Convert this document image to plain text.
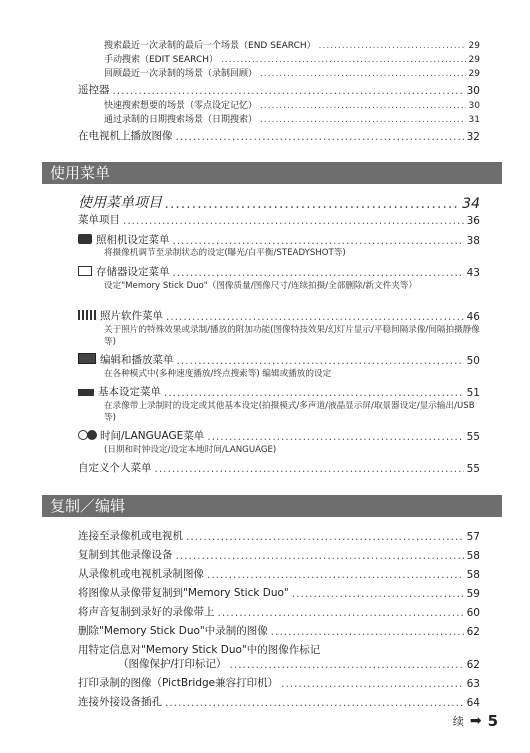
搜索最近一次录制的最后一个场景（END SEARCH） .....	29
手动搜索（EDIT SEARCH） .....	29
回顾最近一次录制的场景（录制回顾） .....	29
遥控器 .....	30
快速搜索想要的场景（零点设定记忆） .....	30
通过录制的日期搜索场景（日期搜索） .....	31
在电视机上播放图像 .....	32
使用菜单
使用菜单项目 .....	34
菜单项目 .....	36
照相机设定菜单 .....	38
将摄像机调节至录制状态的设定(曝光/白平衡/STEADYSHOT等)
存储器设定菜单 .....	43
设定"Memory Stick Duo"（图像质量/图像尺寸/连续拍摄/全部删除/新文件夹等）
照片软件菜单 .....	46
关于照片的特殊效果或录制/播放的附加功能(图像特技效果/幻灯片显示/平稳间隔录像/间隔拍摄静像等)
编辑和播放菜单 .....	50
在各种模式中(多种速度播放/终点搜索等) 编辑或播放的设定
基本设定菜单 .....	51
在录像带上录制时的设定或其他基本设定(拍摄模式/多声道/液晶显示屏/取景器设定/显示输出/USB等)
时间/LANGUAGE菜单 .....	55
(日期和时钟设定/设定本地时间/LANGUAGE)
自定义个人菜单 .....	55
复制／编辑
连接至录像机或电视机 .....	57
复制到其他录像设备 .....	58
从录像机或电视机录制图像 .....	58
将图像从录像带复制到"Memory Stick Duo" .....	59
将声音复制到录好的录像带上 .....	60
删除"Memory Stick Duo"中录制的图像 .....	62
用特定信息对"Memory Stick Duo"中的图像作标记
（图像保护/打印标记） .....	62
打印录制的图像（PictBridge兼容打印机） .....	63
连接外接设备插孔 .....	64
续 ➡ 5
